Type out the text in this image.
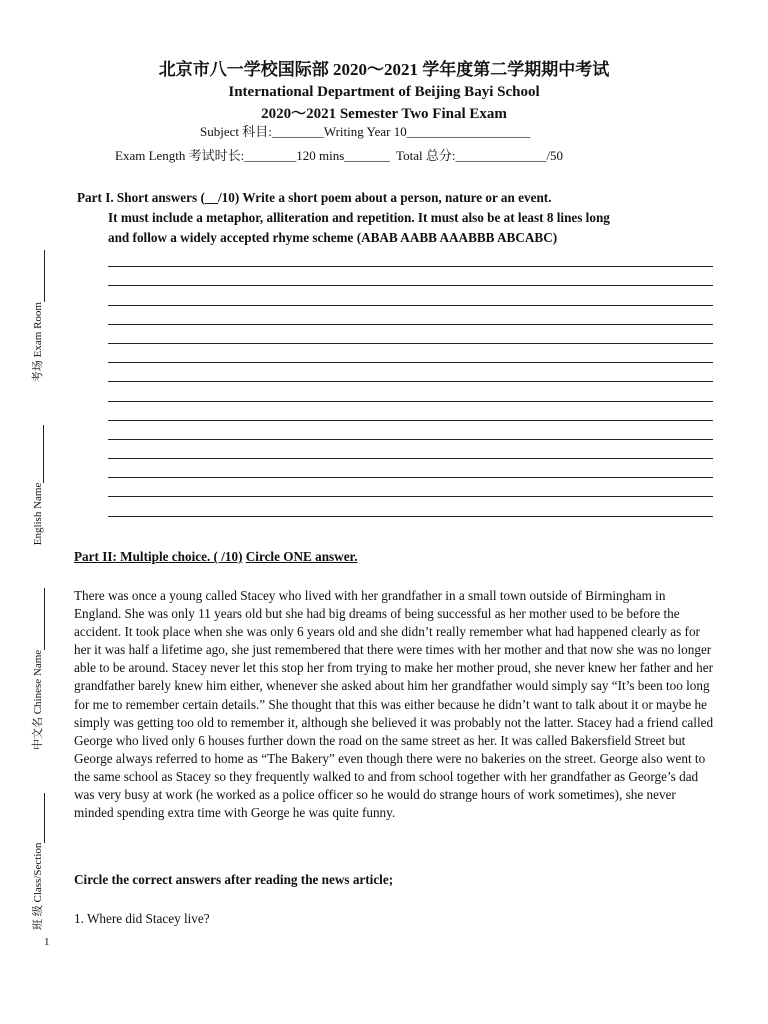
北京市八一学校国际部 2020～2021 学年度第二学期期中考试
International Department of Beijing Bayi School
2020～2021 Semester Two Final Exam
Subject 科目:________Writing Year 10___________________
Exam Length 考试时长:________120 mins_______  Total 总分:______________/50
Part I. Short answers (__/10) Write a short poem about a person, nature or an event.
It must include a metaphor, alliteration and repetition. It must also be at least 8 lines long
and follow a widely accepted rhyme scheme (ABAB AABB AAABBB ABCABC)
Part II: Multiple choice. ( /10) Circle ONE answer.
There was once a young called Stacey who lived with her grandfather in a small town outside of Birmingham in England. She was only 11 years old but she had big dreams of being successful as her mother used to be before the accident. It took place when she was only 6 years old and she didn’t really remember what had happened clearly as for her it was half a lifetime ago, she just remembered that there were times with her mother and that now she was no longer able to be around. Stacey never let this stop her from trying to make her mother proud, she never knew her father and her grandfather barely knew him either, whenever she asked about him her grandfather would simply say “It’s been too long for me to remember certain details.” She thought that this was either because he didn’t want to talk about it or maybe he simply was getting too old to remember it, although she believed it was probably not the latter. Stacey had a friend called George who lived only 6 houses further down the road on the same street as her. It was called Bakersfield Street but George always referred to home as “The Bakery” even though there were no bakeries on the street. George also went to the same school as Stacey so they frequently walked to and from school together with her grandfather as George’s dad was very busy at work (he worked as a police officer so he would do strange hours of work sometimes), she never minded spending extra time with George he was quite funny.
Circle the correct answers after reading the news article;
1. Where did Stacey live?
1
班 级 Class/Section
中文名 Chinese Name
English Name
考场 Exam Room
